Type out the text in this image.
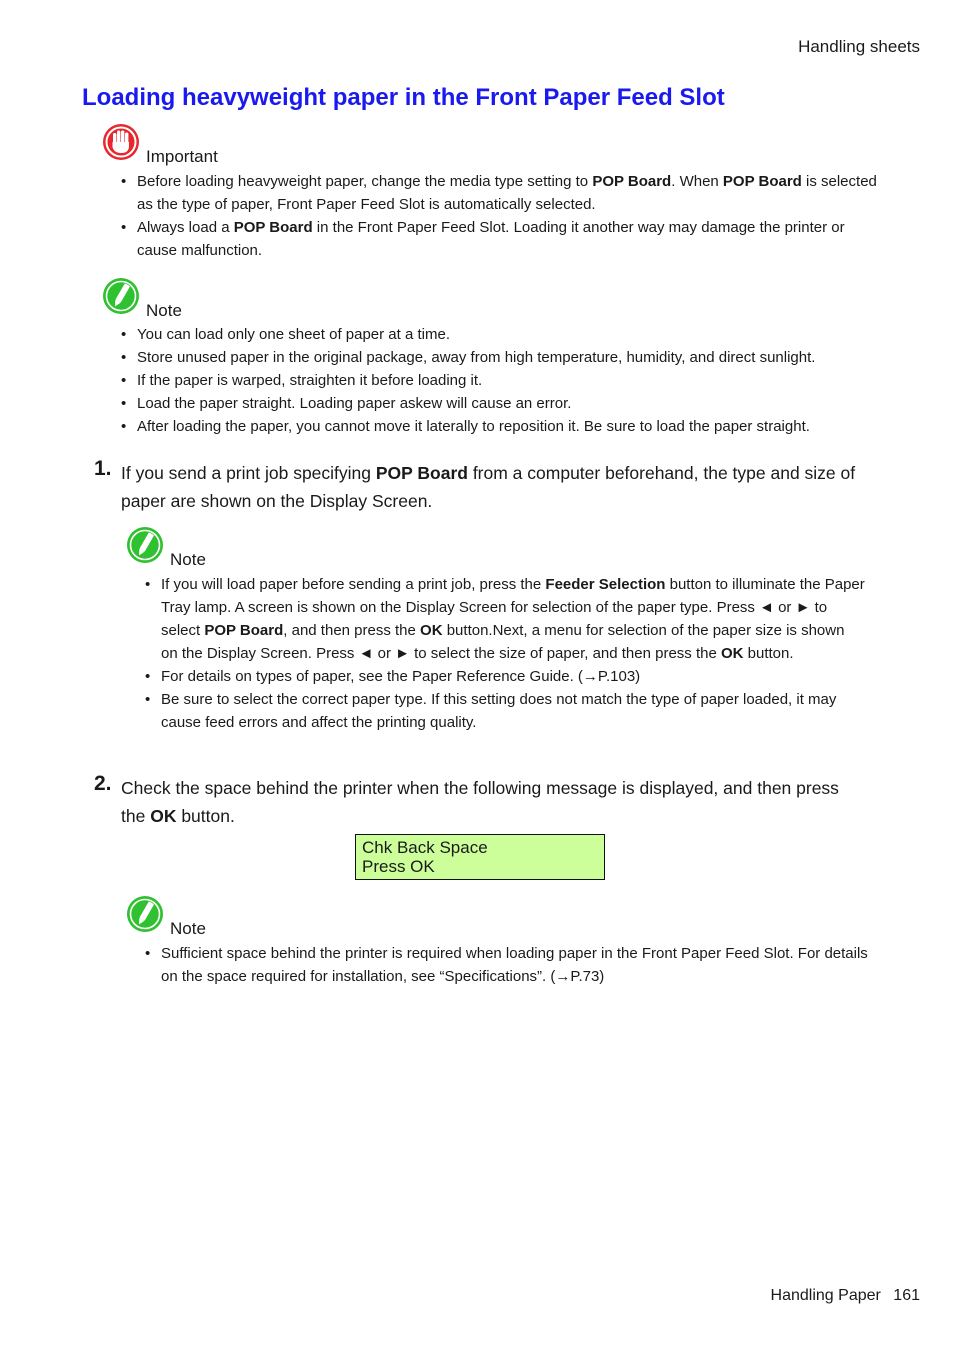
Handling sheets
Loading heavyweight paper in the Front Paper Feed Slot
Important
• Before loading heavyweight paper, change the media type setting to POP Board. When POP Board is selected as the type of paper, Front Paper Feed Slot is automatically selected.
• Always load a POP Board in the Front Paper Feed Slot. Loading it another way may damage the printer or cause malfunction.
Note
• You can load only one sheet of paper at a time.
• Store unused paper in the original package, away from high temperature, humidity, and direct sunlight.
• If the paper is warped, straighten it before loading it.
• Load the paper straight. Loading paper askew will cause an error.
• After loading the paper, you cannot move it laterally to reposition it. Be sure to load the paper straight.
1. If you send a print job specifying POP Board from a computer beforehand, the type and size of paper are shown on the Display Screen.
Note
• If you will load paper before sending a print job, press the Feeder Selection button to illuminate the Paper Tray lamp. A screen is shown on the Display Screen for selection of the paper type. Press ◄ or ► to select POP Board, and then press the OK button.Next, a menu for selection of the paper size is shown on the Display Screen. Press ◄ or ► to select the size of paper, and then press the OK button.
• For details on types of paper, see the Paper Reference Guide. (→P.103)
• Be sure to select the correct paper type. If this setting does not match the type of paper loaded, it may cause feed errors and affect the printing quality.
2. Check the space behind the printer when the following message is displayed, and then press the OK button.
Chk Back Space
Press OK
Note
• Sufficient space behind the printer is required when loading paper in the Front Paper Feed Slot. For details on the space required for installation, see “Specifications”. (→P.73)
Handling Paper 161
